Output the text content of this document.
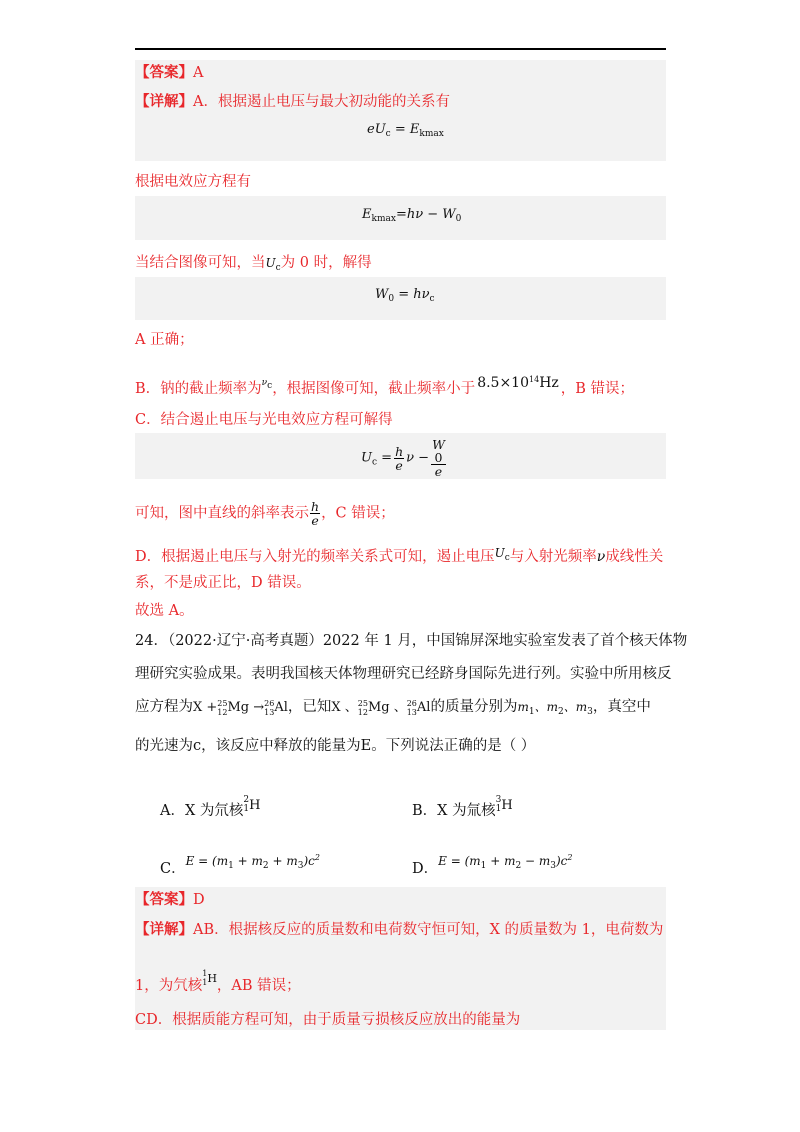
【答案】A
【详解】A．根据遏止电压与最大初动能的关系有
$eU_c = E_{kmax}$
根据电效应方程有
$E_{kmax}=h\nu - W_0$
当结合图像可知，当$U_c$为 0 时，解得
$W_0 = h\nu_c$
A 正确；
B．钠的截止频率为$^{\nu c}$，根据图像可知，截止频率小于 $8.5\times 10^{14}Hz$ ，B 错误；
C．结合遏止电压与光电效应方程可解得
$U_c = \frac{h}{e}$ ν − W
0
e
可知，图中直线的斜率表示 $\frac{h}{e}$ ，C 错误；
D．根据遏止电压与入射光的频率关系式可知，遏止电压$^{U_c}$与入射光频率ν成线性关
系，不是成正比，D 错误。
故选 A。
24．（2022·辽宁·高考真题）2022 年 1 月，中国锦屏深地实验室发表了首个核天体物
理研究实验成果。表明我国核天体物理研究已经跻身国际先进行列。实验中所用核反
应方程为X +25
12Mg →26
13Al，已知X 、25
12Mg 、26
13Al的质量分别为$m_1$、$m_2$、$m_3$，真空中
的光速为c，该反应中释放的能量为E。下列说法正确的是（ ）
A．X 为氘核2
1H	B．X 为氚核3
1H
C．$^{E = (m_1 + m_2 + m_3)c^2}$
D．$^{E = (m_1 + m_2 - m_3)c^2}$
【答案】D
【详解】AB．根据核反应的质量数和电荷数守恒可知，X 的质量数为 1，电荷数为
1，为氕核1
1H，AB 错误；
CD．根据质能方程可知，由于质量亏损核反应放出的能量为
